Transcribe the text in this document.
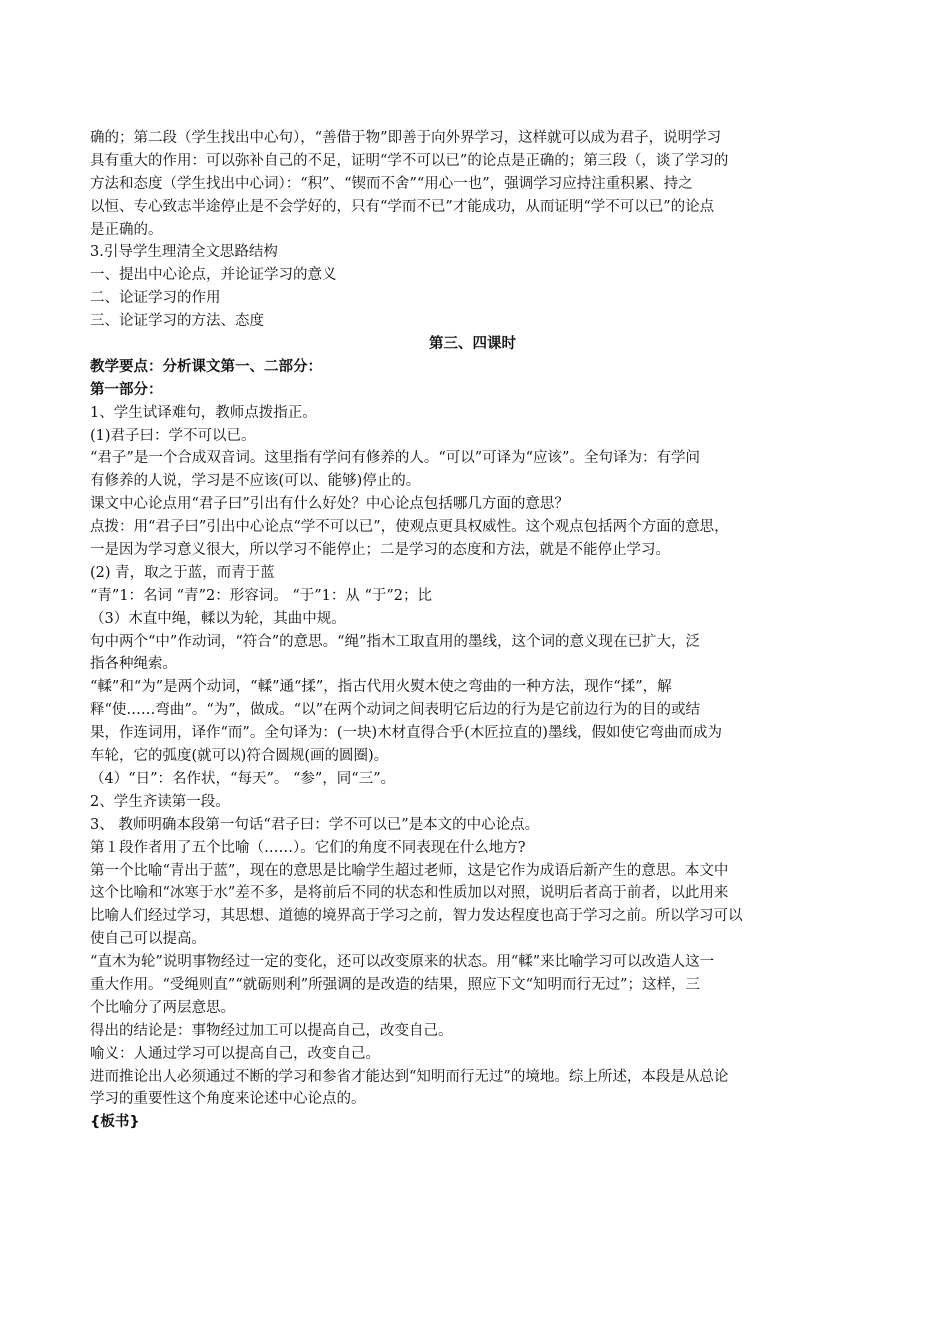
确的；第二段（学生找出中心句），“善借于物”即善于向外界学习，这样就可以成为君子，说明学习
具有重大的作用：可以弥补自己的不足，证明“学不可以已”的论点是正确的；第三段（，谈了学习的
方法和态度（学生找出中心词）：“积”、“锲而不舍”“用心一也”，强调学习应持注重积累、持之
以恒、专心致志半途停止是不会学好的，只有“学而不已”才能成功，从而证明“学不可以已”的论点
是正确的。
3.引导学生理清全文思路结构
一、提出中心论点，并论证学习的意义
二、论证学习的作用
三、论证学习的方法、态度
第三、四课时
教学要点：分析课文第一、二部分：
第一部分：
1、学生试译难句，教师点拨指正。
(1)君子曰：学不可以已。
“君子”是一个合成双音词。这里指有学问有修养的人。“可以”可译为“应该”。全句译为：有学问
有修养的人说，学习是不应该(可以、能够)停止的。
课文中心论点用“君子曰”引出有什么好处？中心论点包括哪几方面的意思？
点拨：用“君子曰”引出中心论点“学不可以已”，使观点更具权威性。这个观点包括两个方面的意思，
一是因为学习意义很大，所以学习不能停止；二是学习的态度和方法，就是不能停止学习。
(2) 青，取之于蓝，而青于蓝
“青”1：名词 “青”2：形容词。 “于”1：从 “于”2；比
（3）木直中绳，輮以为轮，其曲中规。
句中两个“中”作动词，“符合”的意思。“绳”指木工取直用的墨线，这个词的意义现在已扩大，泛
指各种绳索。
“輮”和“为”是两个动词，“輮”通“揉”，指古代用火熨木使之弯曲的一种方法，现作“揉”，解
释“使……弯曲”。“为”，做成。“以”在两个动词之间表明它后边的行为是它前边行为的目的或结
果，作连词用，译作“而”。全句译为：(一块)木材直得合乎(木匠拉直的)墨线，假如使它弯曲而成为
车轮，它的弧度(就可以)符合圆规(画的圆圈)。
（4）“日”：名作状，“每天”。 “参”，同“三”。
2、学生齐读第一段。
3、 教师明确本段第一句话“君子曰：学不可以已”是本文的中心论点。
第１段作者用了五个比喻（……）。它们的角度不同表现在什么地方?
第一个比喻“青出于蓝”，现在的意思是比喻学生超过老师，这是它作为成语后新产生的意思。本文中
这个比喻和“冰寒于水”差不多，是将前后不同的状态和性质加以对照，说明后者高于前者，以此用来
比喻人们经过学习，其思想、道德的境界高于学习之前，智力发达程度也高于学习之前。所以学习可以
使自己可以提高。
“直木为轮”说明事物经过一定的变化，还可以改变原来的状态。用“輮”来比喻学习可以改造人这一
重大作用。“受绳则直”“就砺则利”所强调的是改造的结果，照应下文“知明而行无过”；这样，三
个比喻分了两层意思。
得出的结论是：事物经过加工可以提高自己，改变自己。
喻义：人通过学习可以提高自己，改变自己。
进而推论出人必须通过不断的学习和参省才能达到“知明而行无过”的境地。综上所述，本段是从总论
学习的重要性这个角度来论述中心论点的。
{板书}
